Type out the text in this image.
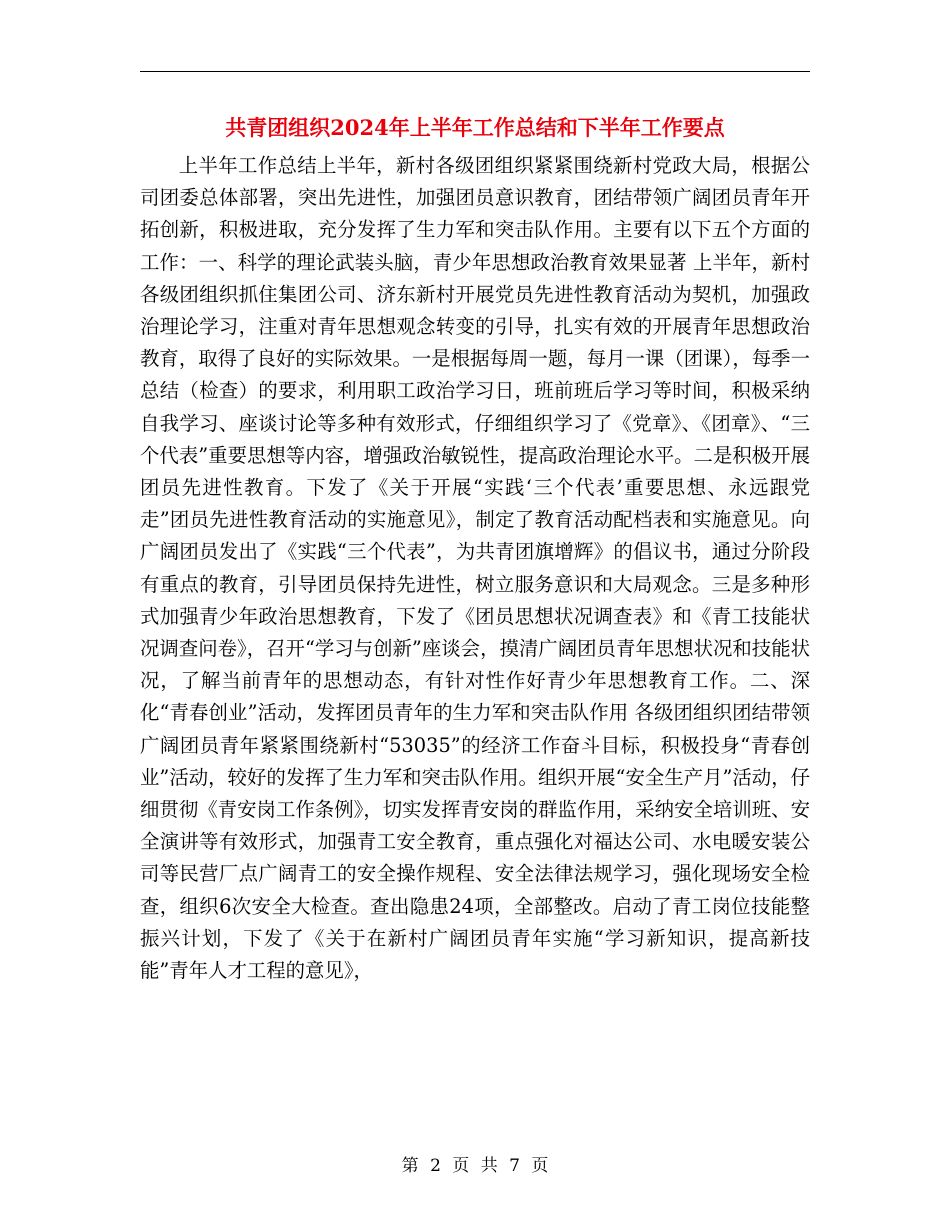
共青团组织2024年上半年工作总结和下半年工作要点

上半年工作总结上半年，新村各级团组织紧紧围绕新村党政大局，根据公司团委总体部署，突出先进性，加强团员意识教育，团结带领广阔团员青年开拓创新，积极进取，充分发挥了生力军和突击队作用。主要有以下五个方面的工作：一、科学的理论武装头脑，青少年思想政治教育效果显著 上半年，新村各级团组织抓住集团公司、济东新村开展党员先进性教育活动为契机，加强政治理论学习，注重对青年思想观念转变的引导，扎实有效的开展青年思想政治教育，取得了良好的实际效果。一是根据每周一题，每月一课（团课），每季一总结（检查）的要求，利用职工政治学习日，班前班后学习等时间，积极采纳自我学习、座谈讨论等多种有效形式，仔细组织学习了《党章》、《团章》、“三个代表”重要思想等内容，增强政治敏锐性，提高政治理论水平。二是积极开展团员先进性教育。下发了《关于开展“实践‘三个代表’重要思想、永远跟党走”团员先进性教育活动的实施意见》，制定了教育活动配档表和实施意见。向广阔团员发出了《实践“三个代表”，为共青团旗增辉》的倡议书，通过分阶段有重点的教育，引导团员保持先进性，树立服务意识和大局观念。三是多种形式加强青少年政治思想教育，下发了《团员思想状况调查表》和《青工技能状况调查问卷》，召开“学习与创新”座谈会，摸清广阔团员青年思想状况和技能状况，了解当前青年的思想动态，有针对性作好青少年思想教育工作。二、深化“青春创业”活动，发挥团员青年的生力军和突击队作用 各级团组织团结带领广阔团员青年紧紧围绕新村“53035”的经济工作奋斗目标，积极投身“青春创业”活动，较好的发挥了生力军和突击队作用。组织开展“安全生产月”活动，仔细贯彻《青安岗工作条例》，切实发挥青安岗的群监作用，采纳安全培训班、安全演讲等有效形式，加强青工安全教育，重点强化对福达公司、水电暖安装公司等民营厂点广阔青工的安全操作规程、安全法律法规学习，强化现场安全检查，组织6次安全大检查。查出隐患24项，全部整改。启动了青工岗位技能整振兴计划，下发了《关于在新村广阔团员青年实施“学习新知识，提高新技能”青年人才工程的意见》，

第 2 页 共 7 页
